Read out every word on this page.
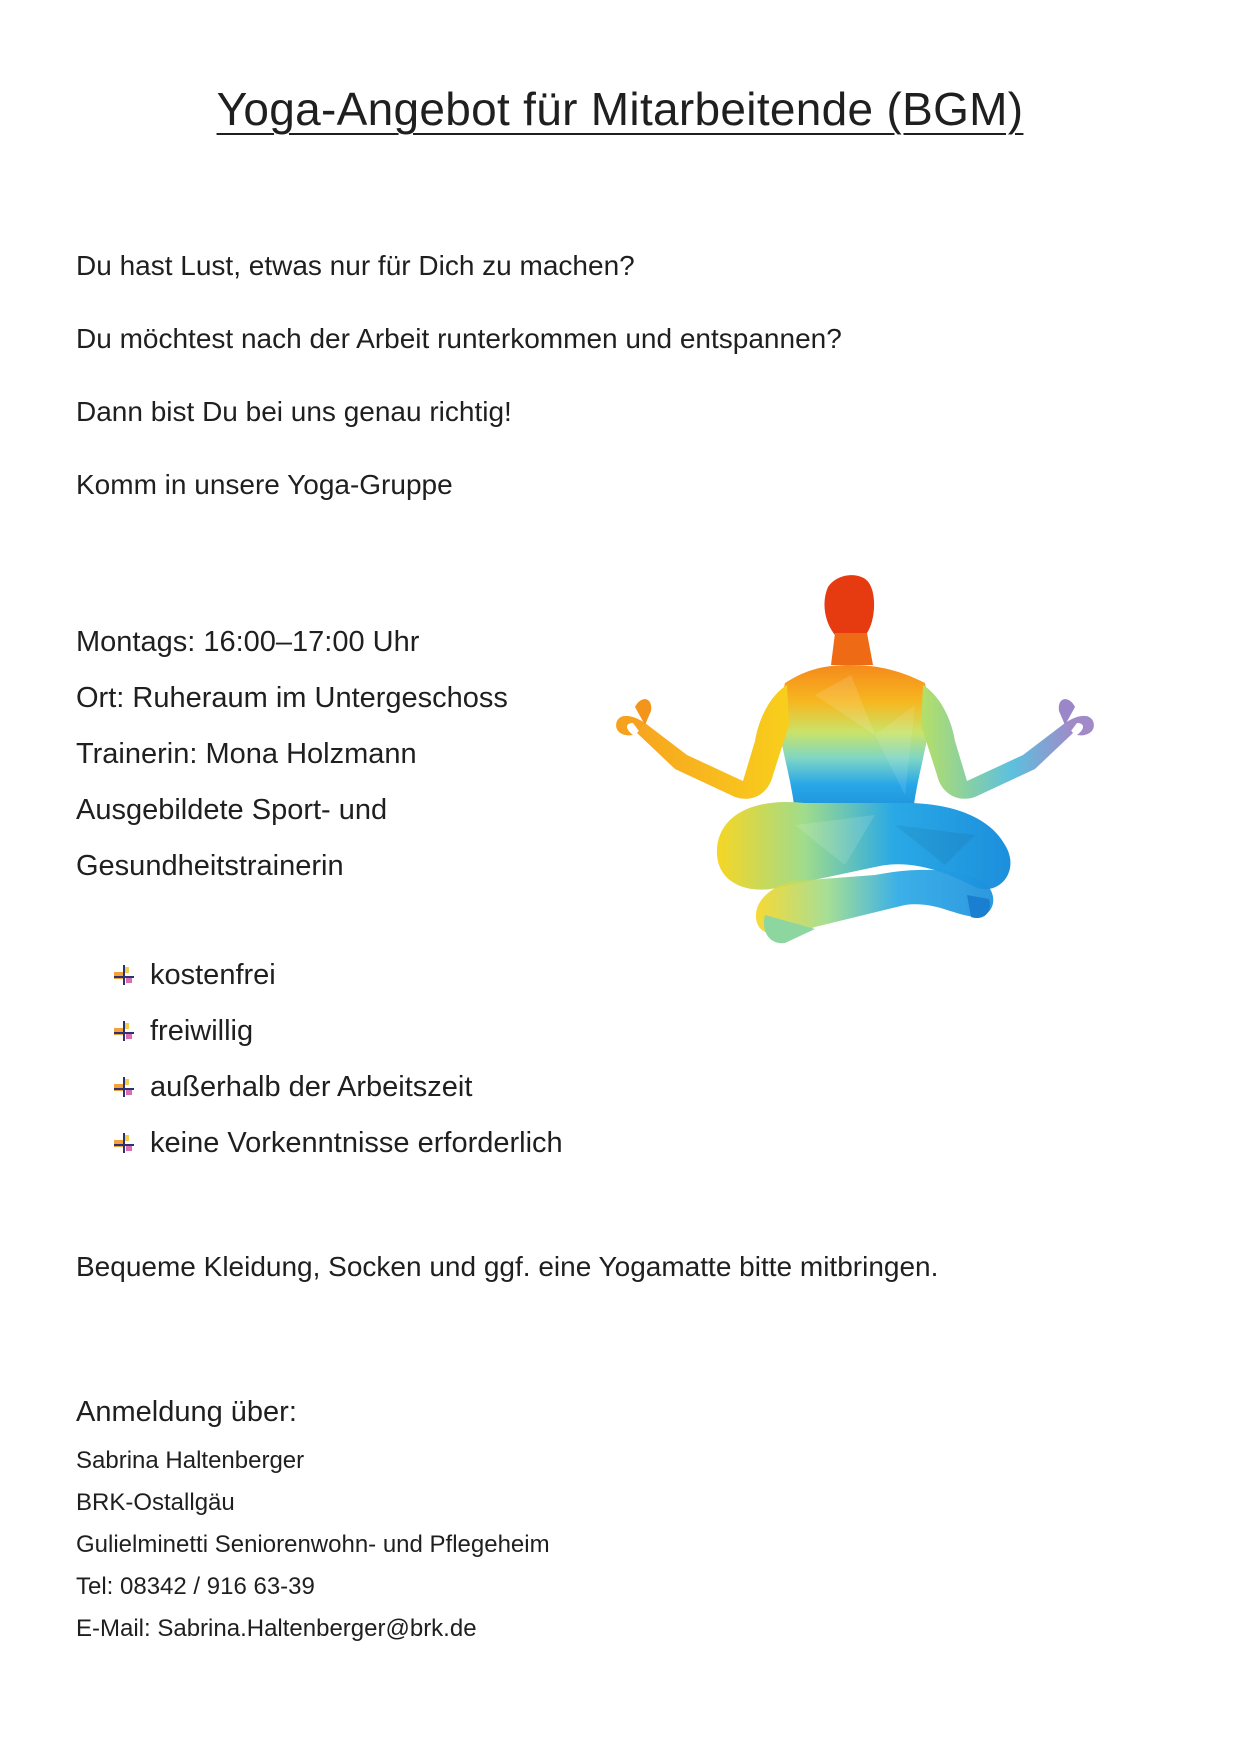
Yoga-Angebot für Mitarbeitende (BGM)
Du hast Lust, etwas nur für Dich zu machen?
Du möchtest nach der Arbeit runterkommen und entspannen?
Dann bist Du bei uns genau richtig!
Komm in unsere Yoga-Gruppe
Montags: 16:00–17:00 Uhr
Ort: Ruheraum im Untergeschoss
Trainerin: Mona Holzmann
Ausgebildete Sport- und
Gesundheitstrainerin
kostenfrei
freiwillig
außerhalb der Arbeitszeit
keine Vorkenntnisse erforderlich
Bequeme Kleidung, Socken und ggf. eine Yogamatte bitte mitbringen.
Anmeldung über:
Sabrina Haltenberger
BRK-Ostallgäu
Gulielminetti Seniorenwohn- und Pflegeheim
Tel: 08342 / 916 63-39
E-Mail: Sabrina.Haltenberger@brk.de
